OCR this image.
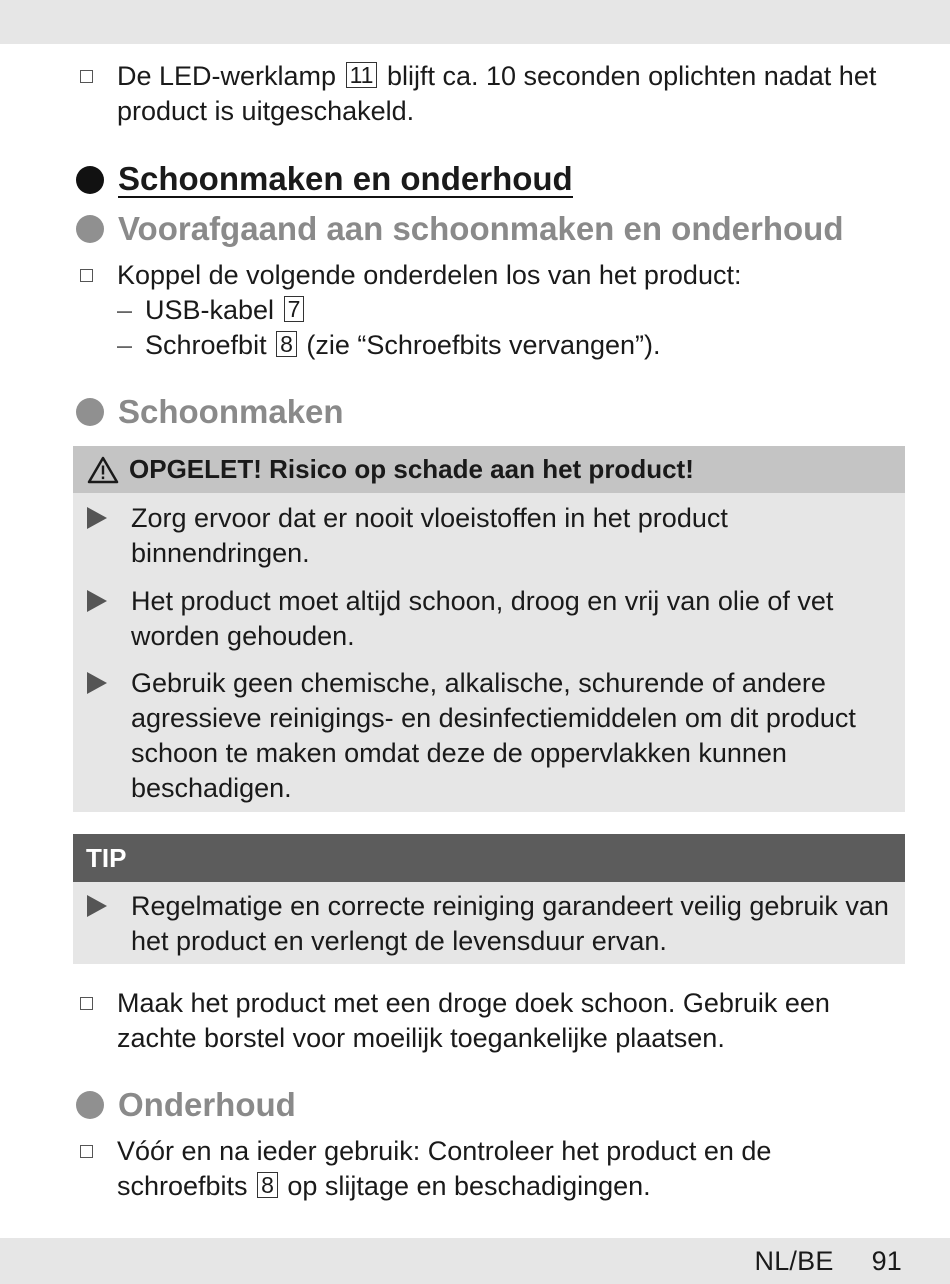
De LED-werklamp 11 blijft ca. 10 seconden oplichten nadat het product is uitgeschakeld.
Schoonmaken en onderhoud
Voorafgaand aan schoonmaken en onderhoud
Koppel de volgende onderdelen los van het product:
– USB-kabel 7
– Schroefbit 8 (zie “Schroefbits vervangen”).
Schoonmaken
OPGELET! Risico op schade aan het product!
Zorg ervoor dat er nooit vloeistoffen in het product binnendringen.
Het product moet altijd schoon, droog en vrij van olie of vet worden gehouden.
Gebruik geen chemische, alkalische, schurende of andere agressieve reinigings- en desinfectiemiddelen om dit product schoon te maken omdat deze de oppervlakken kunnen beschadigen.
TIP
Regelmatige en correcte reiniging garandeert veilig gebruik van het product en verlengt de levensduur ervan.
Maak het product met een droge doek schoon. Gebruik een zachte borstel voor moeilijk toegankelijke plaatsen.
Onderhoud
Vóór en na ieder gebruik: Controleer het product en de schroefbits 8 op slijtage en beschadigingen.
NL/BE 91
